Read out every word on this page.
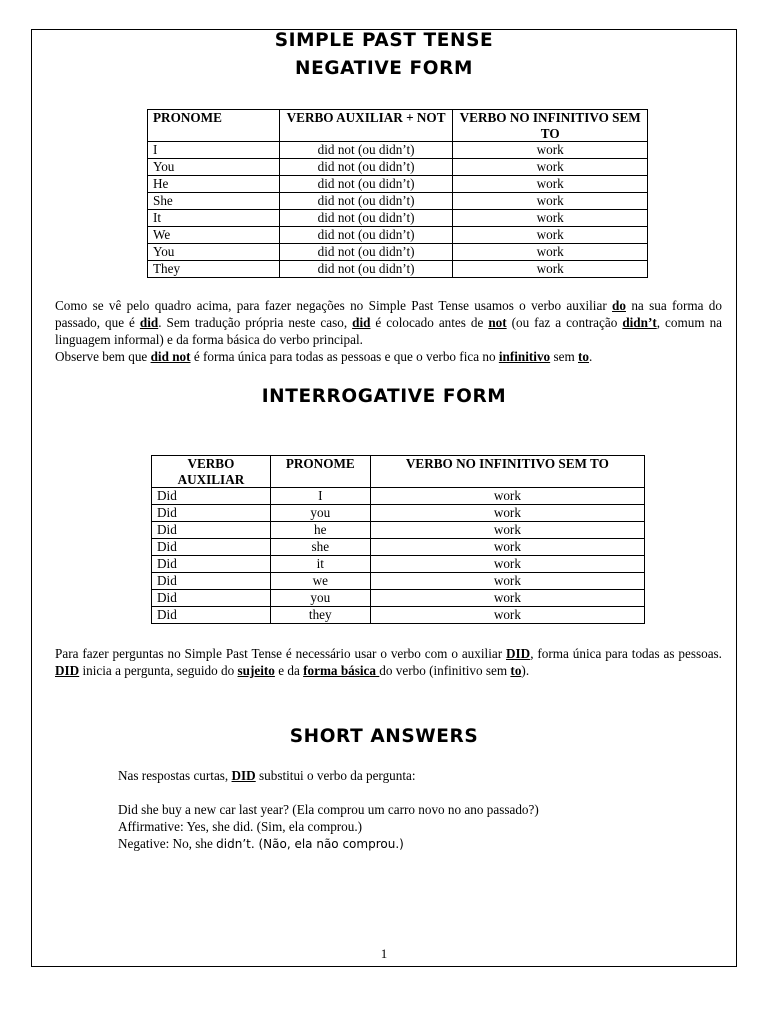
SIMPLE PAST TENSE
NEGATIVE FORM
PRONOME	VERBO AUXILIAR + NOT	VERBO NO INFINITIVO SEM TO
I	did not (ou didn’t)	work
You	did not (ou didn’t)	work
He	did not (ou didn’t)	work
She	did not (ou didn’t)	work
It	did not (ou didn’t)	work
We	did not (ou didn’t)	work
You	did not (ou didn’t)	work
They	did not (ou didn’t)	work

Como se vê pelo quadro acima, para fazer negações no Simple Past Tense usamos o verbo auxiliar do na sua forma do passado, que é did. Sem tradução própria neste caso, did é colocado antes de not (ou faz a contração didn’t, comum na linguagem informal) e da forma básica do verbo principal.
Observe bem que did not é forma única para todas as pessoas e que o verbo fica no infinitivo sem to.

INTERROGATIVE FORM
VERBO AUXILIAR	PRONOME	VERBO NO INFINITIVO SEM TO
Did	I	work
Did	you	work
Did	he	work
Did	she	work
Did	it	work
Did	we	work
Did	you	work
Did	they	work

Para fazer perguntas no Simple Past Tense é necessário usar o verbo com o auxiliar DID, forma única para todas as pessoas. DID inicia a pergunta, seguido do sujeito e da forma básica do verbo (infinitivo sem to).

SHORT ANSWERS

Nas respostas curtas, DID substitui o verbo da pergunta:

Did she buy a new car last year? (Ela comprou um carro novo no ano passado?)

Affirmative: Yes, she did. (Sim, ela comprou.)

Negative: No, she didn’t. (Não, ela não comprou.)

1
